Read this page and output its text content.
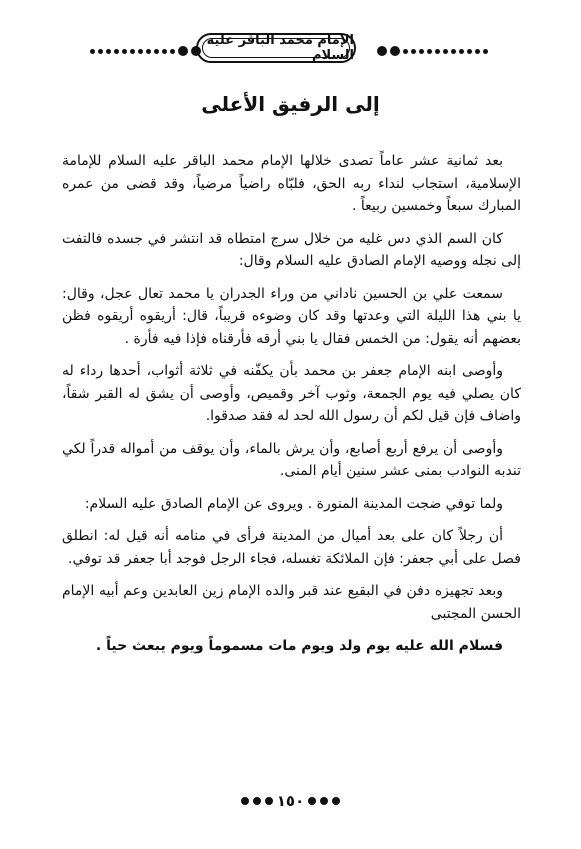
الإمام محمد الباقر عليه السلام
إلى الرفيق الأعلى

بعد ثمانية عشر عاماً تصدى خلالها الإمام محمد الباقر عليه السلام للإمامة الإسلامية، استجاب لنداء ربه الحق، فلبّاه راضياً مرضياً، وقد قضى من عمره المبارك سبعاً وخمسين ربيعاً .

كان السم الذي دس غليه من خلال سرج امتطاه قد انتشر في جسده فالتفت إلى نجله ووصيه الإمام الصادق عليه السلام وقال:

سمعت علي بن الحسين ناداني من وراء الجدران يا محمد تعال عجل، وقال: يا بني هذا الليلة التي وعدتها وقد كان وضوءه قريباً، قال: أريقوه أريقوه فظن بعضهم أنه يقول: من الخمس فقال يا بني أرقه فأرقناه فإذا فيه فأرة .

وأوصى ابنه الإمام جعفر بن محمد بأن يكفّنه في ثلاثة أثواب، أحدها رداء له كان يصلي فيه يوم الجمعة، وثوب آخر وقميص، وأوصى أن يشق له القبر شقاً، واضاف فإن قيل لكم أن رسول الله لحد له فقد صدقوا.

وأوصى أن يرفع أربع أصابع، وأن يرش بالماء، وأن يوقف من أمواله قدراً لكي تندبه النوادب بمنى عشر سنين أيام المنى.

ولما توفي ضجت المدينة المنورة . ويروى عن الإمام الصادق عليه السلام:

أن رجلاً كان على بعد أميال من المدينة فرأى في منامه أنه قيل له: انطلق فصل على أبي جعفر: فإن الملائكة تغسله، فجاء الرجل فوجد أبا جعفر قد توفي.

وبعد تجهيزه دفن في البقيع عند قبر والده الإمام زين العابدين وعم أبيه الإمام الحسن المجتبى

فسلام الله عليه يوم ولد ويوم مات مسموماً ويوم يبعث حياً .

١٥٠
